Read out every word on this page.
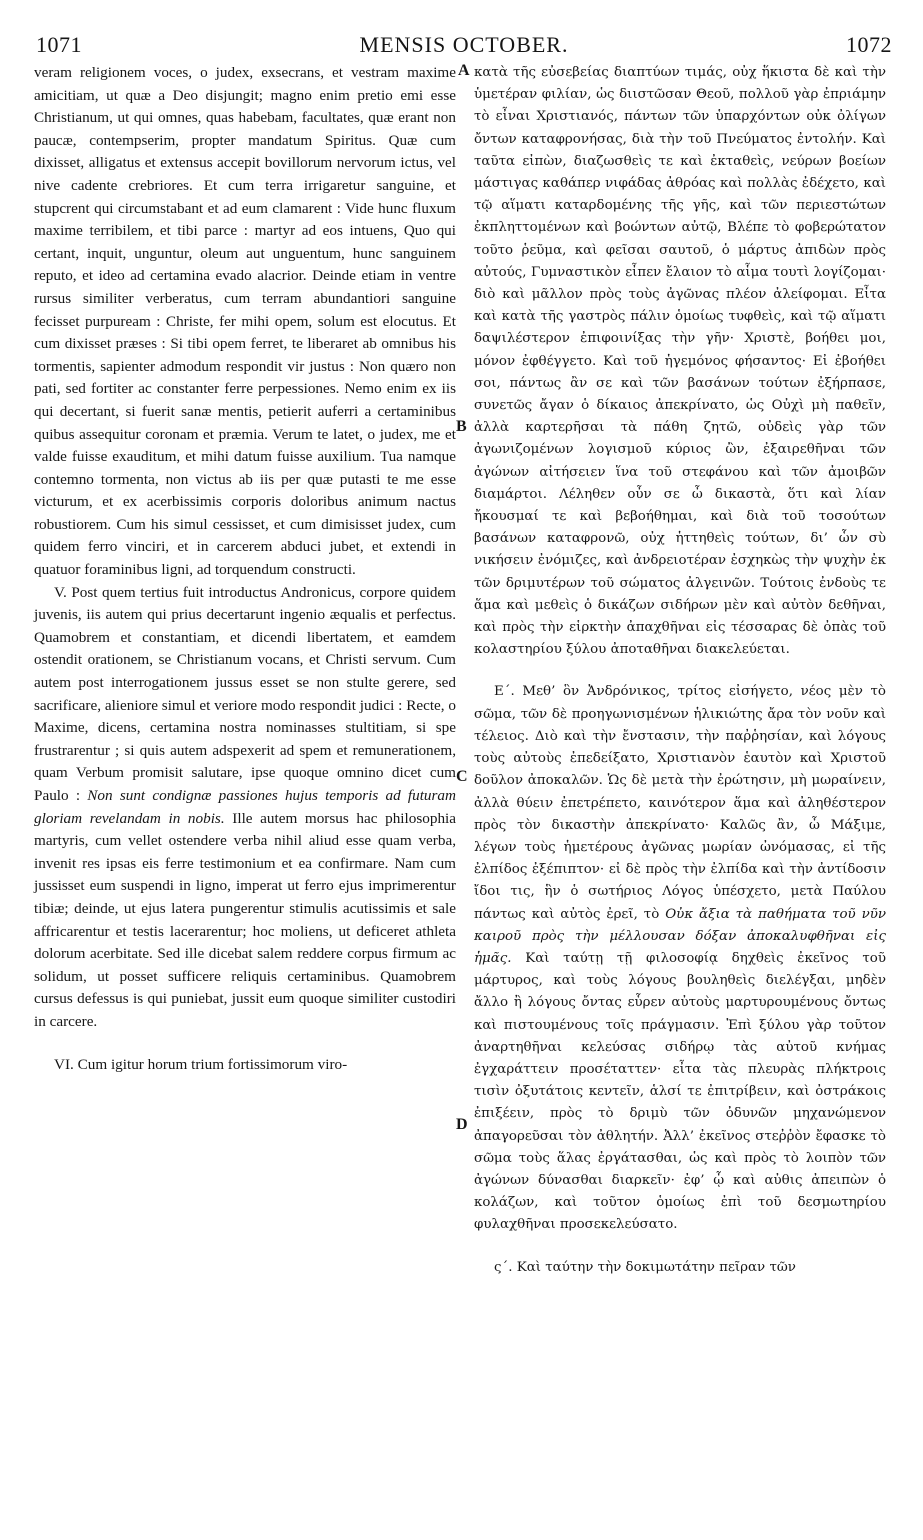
1071	MENSIS OCTOBER.	1072
A
B
C
D

veram religionem voces, o judex, exsecrans, et vestram maxime amicitiam, ut quæ a Deo disjungit; magno enim pretio emi esse Christianum, ut qui omnes, quas habebam, facultates, quæ erant non paucæ, contempserim, propter mandatum Spiritus. Quæ cum dixisset, alligatus et extensus accepit bovillorum nervorum ictus, vel nive cadente crebriores. Et cum terra irrigaretur sanguine, et stupcrent qui circumstabant et ad eum clamarent : Vide hunc fluxum maxime terribilem, et tibi parce : martyr ad eos intuens, Quo qui certant, inquit, unguntur, oleum aut unguentum, hunc sanguinem reputo, et ideo ad certamina evado alacrior. Deinde etiam in ventre rursus similiter verberatus, cum terram abundantiori sanguine fecisset purpuream : Christe, fer mihi opem, solum est elocutus. Et cum dixisset præses : Si tibi opem ferret, te liberaret ab omnibus his tormentis, sapienter admodum respondit vir justus : Non quæro non pati, sed fortiter ac constanter ferre perpessiones. Nemo enim ex iis qui decertant, si fuerit sanæ mentis, petierit auferri a certaminibus quibus assequitur coronam et præmia. Verum te latet, o judex, me et valde fuisse exauditum, et mihi datum fuisse auxilium. Tua namque contemno tormenta, non victus ab iis per quæ putasti te me esse victurum, et ex acerbissimis corporis doloribus animum nactus robustiorem. Cum his simul cessisset, et cum dimisisset judex, cum quidem ferro vinciri, et in carcerem abduci jubet, et extendi in quatuor foraminibus ligni, ad torquendum constructi.

V. Post quem tertius fuit introductus Andronicus, corpore quidem juvenis, iis autem qui prius decertarunt ingenio æqualis et perfectus. Quamobrem et constantiam, et dicendi libertatem, et eamdem ostendit orationem, se Christianum vocans, et Christi servum. Cum autem post interrogationem jussus esset se non stulte gerere, sed sacrificare, alieniore simul et veriore modo respondit judici : Recte, o Maxime, dicens, certamina nostra nominasses stultitiam, si spe frustrarentur ; si quis autem adspexerit ad spem et remunerationem, quam Verbum promisit salutare, ipse quoque omnino dicet cum Paulo : Non sunt condignæ passiones hujus temporis ad futuram gloriam revelandam in nobis. Ille autem morsus hac philosophia martyris, cum vellet ostendere verba nihil aliud esse quam verba, invenit res ipsas eis ferre testimonium et ea confirmare. Nam cum jussisset eum suspendi in ligno, imperat ut ferro ejus imprimerentur tibiæ; deinde, ut ejus latera pungerentur stimulis acutissimis et sale affricarentur et testis lacerarentur; hoc moliens, ut deficeret athleta dolorum acerbitate. Sed ille dicebat salem reddere corpus firmum ac solidum, ut posset sufficere reliquis certaminibus. Quamobrem cursus defessus is qui puniebat, jussit eum quoque similiter custodiri in carcere.

VI. Cum igitur horum trium fortissimorum viro-

κατὰ τῆς εὐσεβείας διαπτύων τιμάς, οὐχ ἥκιστα δὲ καὶ τὴν ὑμετέραν φιλίαν, ὡς διιστῶσαν Θεοῦ, πολλοῦ γὰρ ἐπριάμην τὸ εἶναι Χριστιανός, πάντων τῶν ὑπαρχόντων οὐκ ὀλίγων ὄντων καταφρονήσας, διὰ τὴν τοῦ Πνεύματος ἐντολήν. Καὶ ταῦτα εἰπὼν, διαζωσθεὶς τε καὶ ἐκταθεὶς, νεύρων βοείων μάστιγας καθάπερ νιφάδας ἀθρόας καὶ πολλὰς ἐδέχετο, καὶ τῷ αἵματι καταρδομένης τῆς γῆς, καὶ τῶν περιεστώτων ἐκπληττομένων καὶ βοώντων αὐτῷ, Βλέπε τὸ φοβερώτατον τοῦτο ῥεῦμα, καὶ φεῖσαι σαυτοῦ, ὁ μάρτυς ἀπιδὼν πρὸς αὐτούς, Γυμναστικὸν εἶπεν ἔλαιον τὸ αἷμα τουτὶ λογίζομαι· διὸ καὶ μᾶλλον πρὸς τοὺς ἀγῶνας πλέον ἀλείφομαι. Εἶτα καὶ κατὰ τῆς γαστρὸς πάλιν ὁμοίως τυφθεὶς, καὶ τῷ αἵματι δαψιλέστερον ἐπιφοινίξας τὴν γῆν· Χριστὲ, βοήθει μοι, μόνον ἐφθέγγετο. Καὶ τοῦ ἡγεμόνος φήσαντος· Εἰ ἐβοήθει σοι, πάντως ἂν σε καὶ τῶν βασάνων τούτων ἐξήρπασε, συνετῶς ἄγαν ὁ δίκαιος ἀπεκρίνατο, ὡς Οὐχὶ μὴ παθεῖν, ἀλλὰ καρτερῆσαι τὰ πάθη ζητῶ, οὐδεὶς γὰρ τῶν ἀγωνιζομένων λογισμοῦ κύριος ὢν, ἐξαιρεθῆναι τῶν ἀγώνων αἰτήσειεν ἵνα τοῦ στεφάνου καὶ τῶν ἀμοιβῶν διαμάρτοι. Λέληθεν οὖν σε ὦ δικαστὰ, ὅτι καὶ λίαν ἤκουσμαί τε καὶ βεβοήθημαι, καὶ διὰ τοῦ τοσούτων βασάνων καταφρονῶ, οὐχ ἡττηθεὶς τούτων, δι’ ὧν σὺ νικήσειν ἐνόμιζες, καὶ ἀνδρειοτέραν ἐσχηκὼς τὴν ψυχὴν ἐκ τῶν δριμυτέρων τοῦ σώματος ἀλγεινῶν. Τούτοις ἐνδοὺς τε ἅμα καὶ μεθεὶς ὁ δικάζων σιδήρων μὲν καὶ αὐτὸν δεθῆναι, καὶ πρὸς τὴν εἱρκτὴν ἀπαχθῆναι εἰς τέσσαρας δὲ ὀπὰς τοῦ κολαστηρίου ξύλου ἀποταθῆναι διακελεύεται.

Ε΄. Μεθ’ ὃν Ἀνδρόνικος, τρίτος εἰσήγετο, νέος μὲν τὸ σῶμα, τῶν δὲ προηγωνισμένων ἡλικιώτης ἄρα τὸν νοῦν καὶ τέλειος. Διὸ καὶ τὴν ἔνστασιν, τὴν παῤῥησίαν, καὶ λόγους τοὺς αὐτοὺς ἐπεδείξατο, Χριστιανὸν ἑαυτὸν καὶ Χριστοῦ δοῦλον ἀποκαλῶν. Ὡς δὲ μετὰ τὴν ἐρώτησιν, μὴ μωραίνειν, ἀλλὰ θύειν ἐπετρέπετο, καινότερον ἅμα καὶ ἀληθέστερον πρὸς τὸν δικαστὴν ἀπεκρίνατο· Καλῶς ἂν, ὦ Μάξιμε, λέγων τοὺς ἡμετέρους ἀγῶνας μωρίαν ὠνόμασας, εἰ τῆς ἐλπίδος ἐξέπιπτον· εἰ δὲ πρὸς τὴν ἐλπίδα καὶ τὴν ἀντίδοσιν ἴδοι τις, ἣν ὁ σωτήριος Λόγος ὑπέσχετο, μετὰ Παύλου πάντως καὶ αὐτὸς ἐρεῖ, τὸ Οὐκ ἄξια τὰ παθήματα τοῦ νῦν καιροῦ πρὸς τὴν μέλλουσαν δόξαν ἀποκαλυφθῆναι εἰς ἡμᾶς. Καὶ ταύτῃ τῇ φιλοσοφίᾳ δηχθεὶς ἐκεῖνος τοῦ μάρτυρος, καὶ τοὺς λόγους βουληθεὶς διελέγξαι, μηδὲν ἄλλο ἢ λόγους ὄντας εὗρεν αὐτοὺς μαρτυρουμένους ὄντως καὶ πιστουμένους τοῖς πράγμασιν. Ἐπὶ ξύλου γὰρ τοῦτον ἀναρτηθῆναι κελεύσας σιδήρῳ τὰς αὐτοῦ κνήμας ἐγχαράττειν προσέταττεν· εἶτα τὰς πλευρὰς πλήκτροις τισὶν ὀξυτάτοις κεντεῖν, ἁλσί τε ἐπιτρίβειν, καὶ ὀστράκοις ἐπιξέειν, πρὸς τὸ δριμὺ τῶν ὀδυνῶν μηχανώμενον ἀπαγορεῦσαι τὸν ἀθλητήν. Ἀλλ’ ἐκεῖνος στεῤῥὸν ἔφασκε τὸ σῶμα τοὺς ἅλας ἐργάτασθαι, ὡς καὶ πρὸς τὸ λοιπὸν τῶν ἀγώνων δύνασθαι διαρκεῖν· ἐφ’ ᾧ καὶ αὐθις ἀπειπὼν ὁ κολάζων, καὶ τοῦτον ὁμοίως ἐπὶ τοῦ δεσμωτηρίου φυλαχθῆναι προσεκελεύσατο.

ς΄. Καὶ ταύτην τὴν δοκιμωτάτην πεῖραν τῶν
